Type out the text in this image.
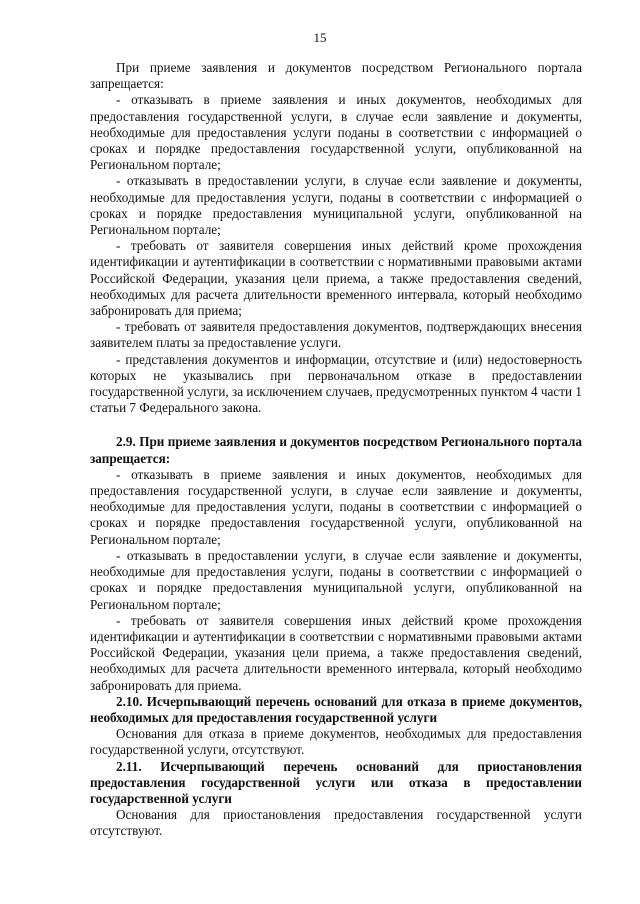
15

При приеме заявления и документов посредством Регионального портала запрещается:

- отказывать в приеме заявления и иных документов, необходимых для предоставления государственной услуги, в случае если заявление и документы, необходимые для предоставления услуги поданы в соответствии с информацией о сроках и порядке предоставления государственной услуги, опубликованной на Региональном портале;

- отказывать в предоставлении услуги, в случае если заявление и документы, необходимые для предоставления услуги, поданы в соответствии с информацией о сроках и порядке предоставления муниципальной услуги, опубликованной на Региональном портале;

- требовать от заявителя совершения иных действий кроме прохождения идентификации и аутентификации в соответствии с нормативными правовыми актами Российской Федерации, указания цели приема, а также предоставления сведений, необходимых для расчета длительности временного интервала, который необходимо забронировать для приема;

- требовать от заявителя предоставления документов, подтверждающих внесения заявителем платы за предоставление услуги.

- представления документов и информации, отсутствие и (или) недостоверность которых не указывались при первоначальном отказе в предоставлении государственной услуги, за исключением случаев, предусмотренных пунктом 4 части 1 статьи 7 Федерального закона.

2.9. При приеме заявления и документов посредством Регионального портала запрещается:

- отказывать в приеме заявления и иных документов, необходимых для предоставления государственной услуги, в случае если заявление и документы, необходимые для предоставления услуги, поданы в соответствии с информацией о сроках и порядке предоставления государственной услуги, опубликованной на Региональном портале;

- отказывать в предоставлении услуги, в случае если заявление и документы, необходимые для предоставления услуги, поданы в соответствии с информацией о сроках и порядке предоставления муниципальной услуги, опубликованной на Региональном портале;

- требовать от заявителя совершения иных действий кроме прохождения идентификации и аутентификации в соответствии с нормативными правовыми актами Российской Федерации, указания цели приема, а также предоставления сведений, необходимых для расчета длительности временного интервала, который необходимо забронировать для приема.

2.10. Исчерпывающий перечень оснований для отказа в приеме документов, необходимых для предоставления государственной услуги

Основания для отказа в приеме документов, необходимых для предоставления государственной услуги, отсутствуют.

2.11. Исчерпывающий перечень оснований для приостановления предоставления государственной услуги или отказа в предоставлении государственной услуги

Основания для приостановления предоставления государственной услуги отсутствуют.
